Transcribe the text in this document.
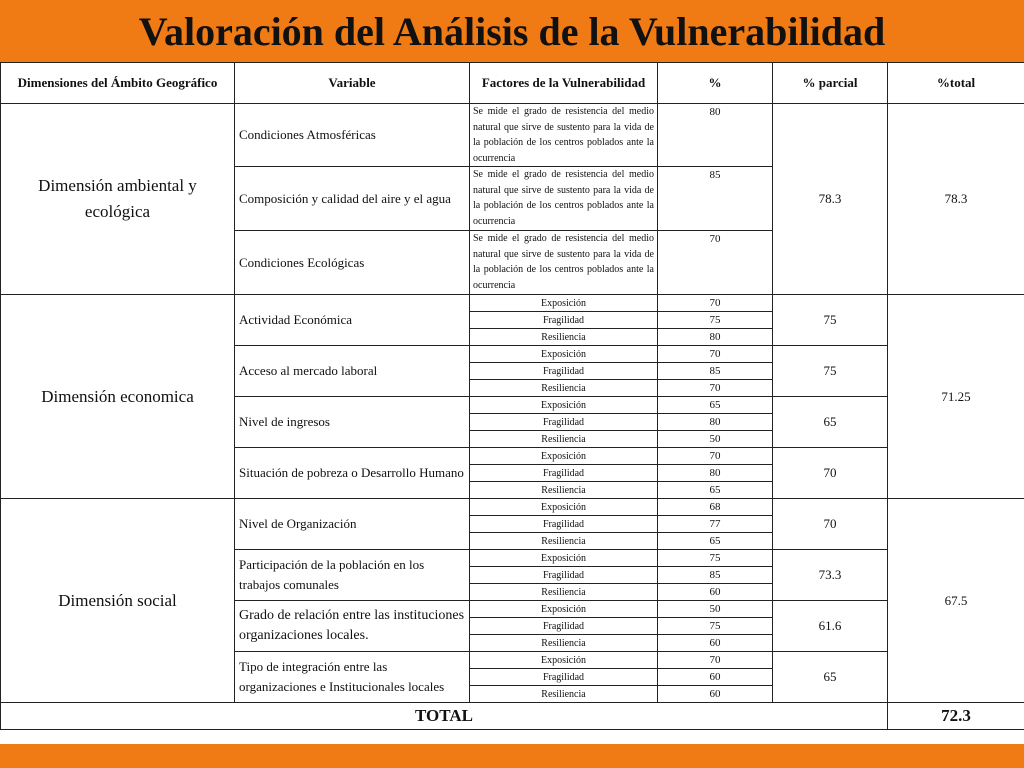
Valoración del Análisis de la Vulnerabilidad
Dimensiones del Ámbito Geográfico	Variable	Factores de la Vulnerabilidad	%	% parcial	%total
Dimensión ambiental y ecológica	Condiciones Atmosféricas	Se mide el grado de resistencia del medio natural que sirve de sustento para la vida de la población de los centros poblados ante la ocurrencia	80	78.3	78.3
	Composición y calidad del aire y el agua	Se mide el grado de resistencia del medio natural que sirve de sustento para la vida de la población de los centros poblados ante la ocurrencia	85		
	Condiciones Ecológicas	Se mide el grado de resistencia del medio natural que sirve de sustento para la vida de la población de los centros poblados ante la ocurrencia	70		
Dimensión economica	Actividad Económica	Exposición	70	75	71.25
		Fragilidad	75		
		Resiliencia	80		
	Acceso al mercado laboral	Exposición	70	75	
		Fragilidad	85		
		Resiliencia	70		
	Nivel de ingresos	Exposición	65	65	
		Fragilidad	80		
		Resiliencia	50		
	Situación de pobreza o Desarrollo Humano	Exposición	70	70	
		Fragilidad	80		
		Resiliencia	65		
Dimensión social	Nivel de Organización	Exposición	68	70	67.5
		Fragilidad	77		
		Resiliencia	65		
	Participación de la población en los trabajos comunales	Exposición	75	73.3	
		Fragilidad	85		
		Resiliencia	60		
	Grado de relación entre las instituciones organizaciones locales.	Exposición	50	61.6	
		Fragilidad	75		
		Resiliencia	60		
	Tipo de integración entre las organizaciones e Institucionales locales	Exposición	70	65	
		Fragilidad	60		
		Resiliencia	60		
TOTAL					72.3
